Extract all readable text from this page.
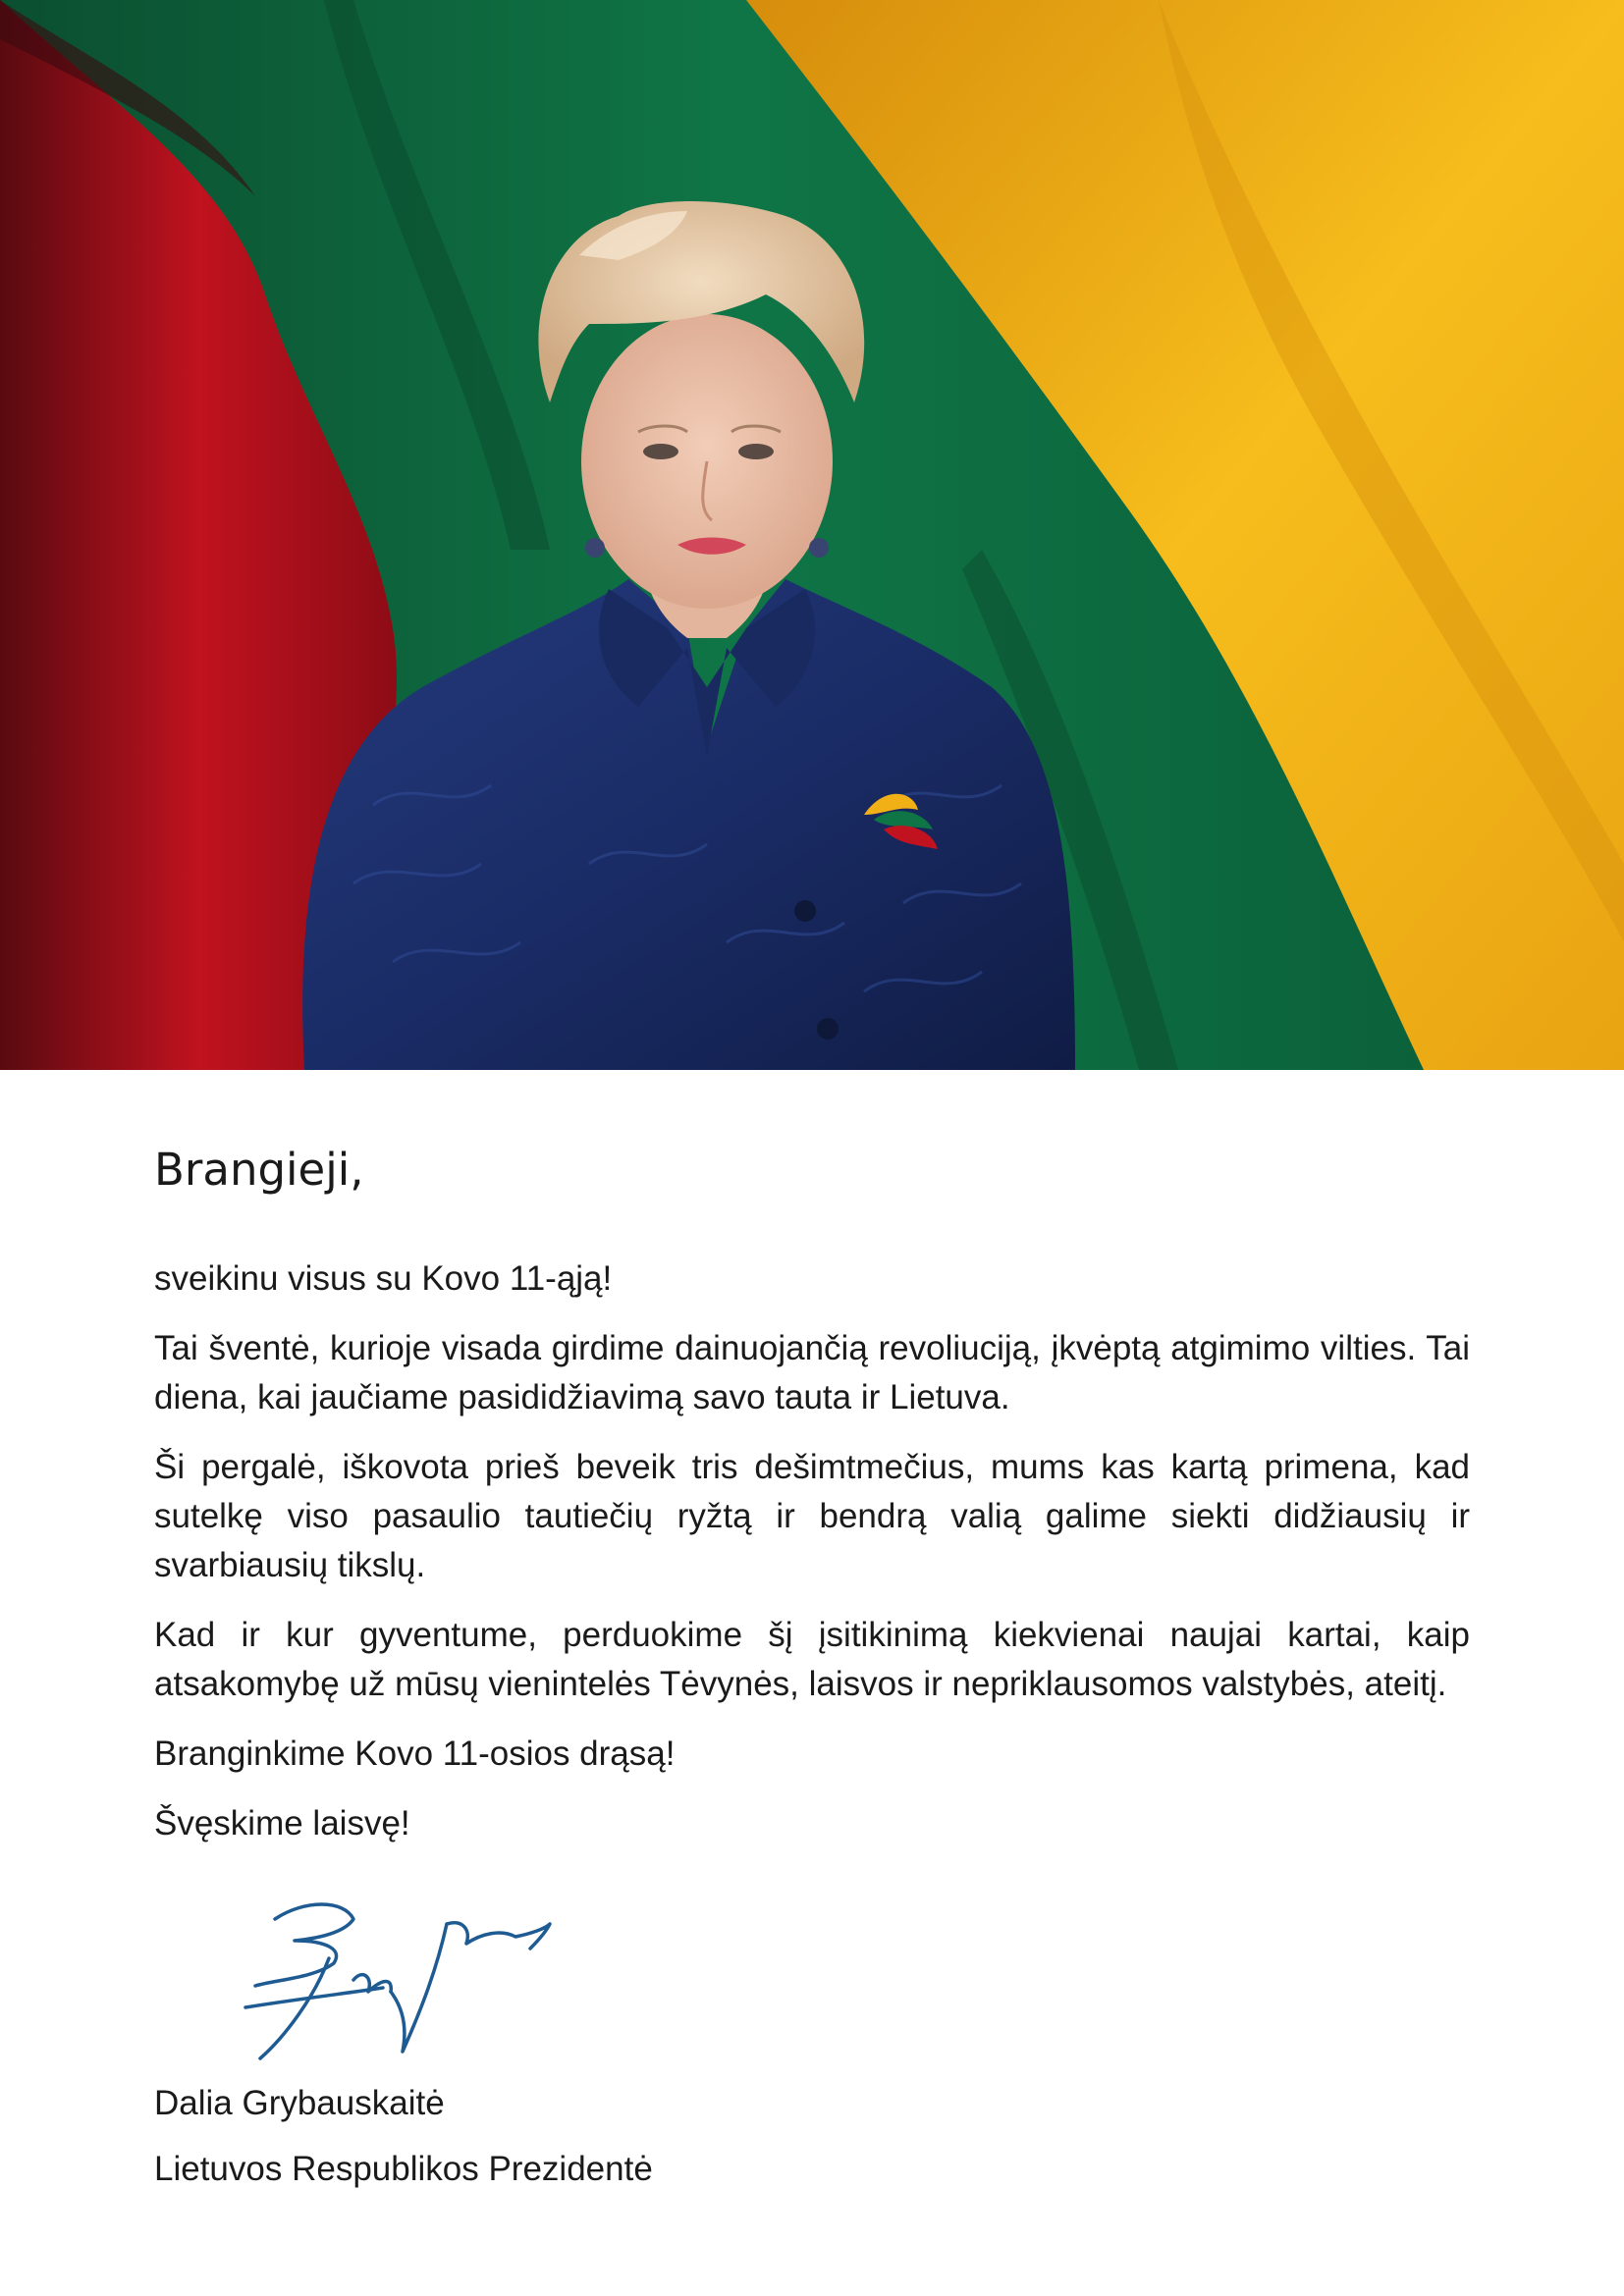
Brangieji,

sveikinu visus su Kovo 11-ąją!

Tai šventė, kurioje visada girdime dainuojančią revoliuciją, įkvėptą atgimimo vilties. Tai diena, kai jaučiame pasididžiavimą savo tauta ir Lietuva.

Ši pergalė, iškovota prieš beveik tris dešimtmečius, mums kas kartą primena, kad sutelkę viso pasaulio tautiečių ryžtą ir bendrą valią galime siekti didžiausių ir svarbiausių tikslų.

Kad ir kur gyventume, perduokime šį įsitikinimą kiekvienai naujai kartai, kaip atsakomybę už mūsų vienintelės Tėvynės, laisvos ir nepriklausomos valstybės, ateitį.

Branginkime Kovo 11-osios drąsą!

Švęskime laisvę!

Dalia Grybauskaitė
Lietuvos Respublikos Prezidentė
